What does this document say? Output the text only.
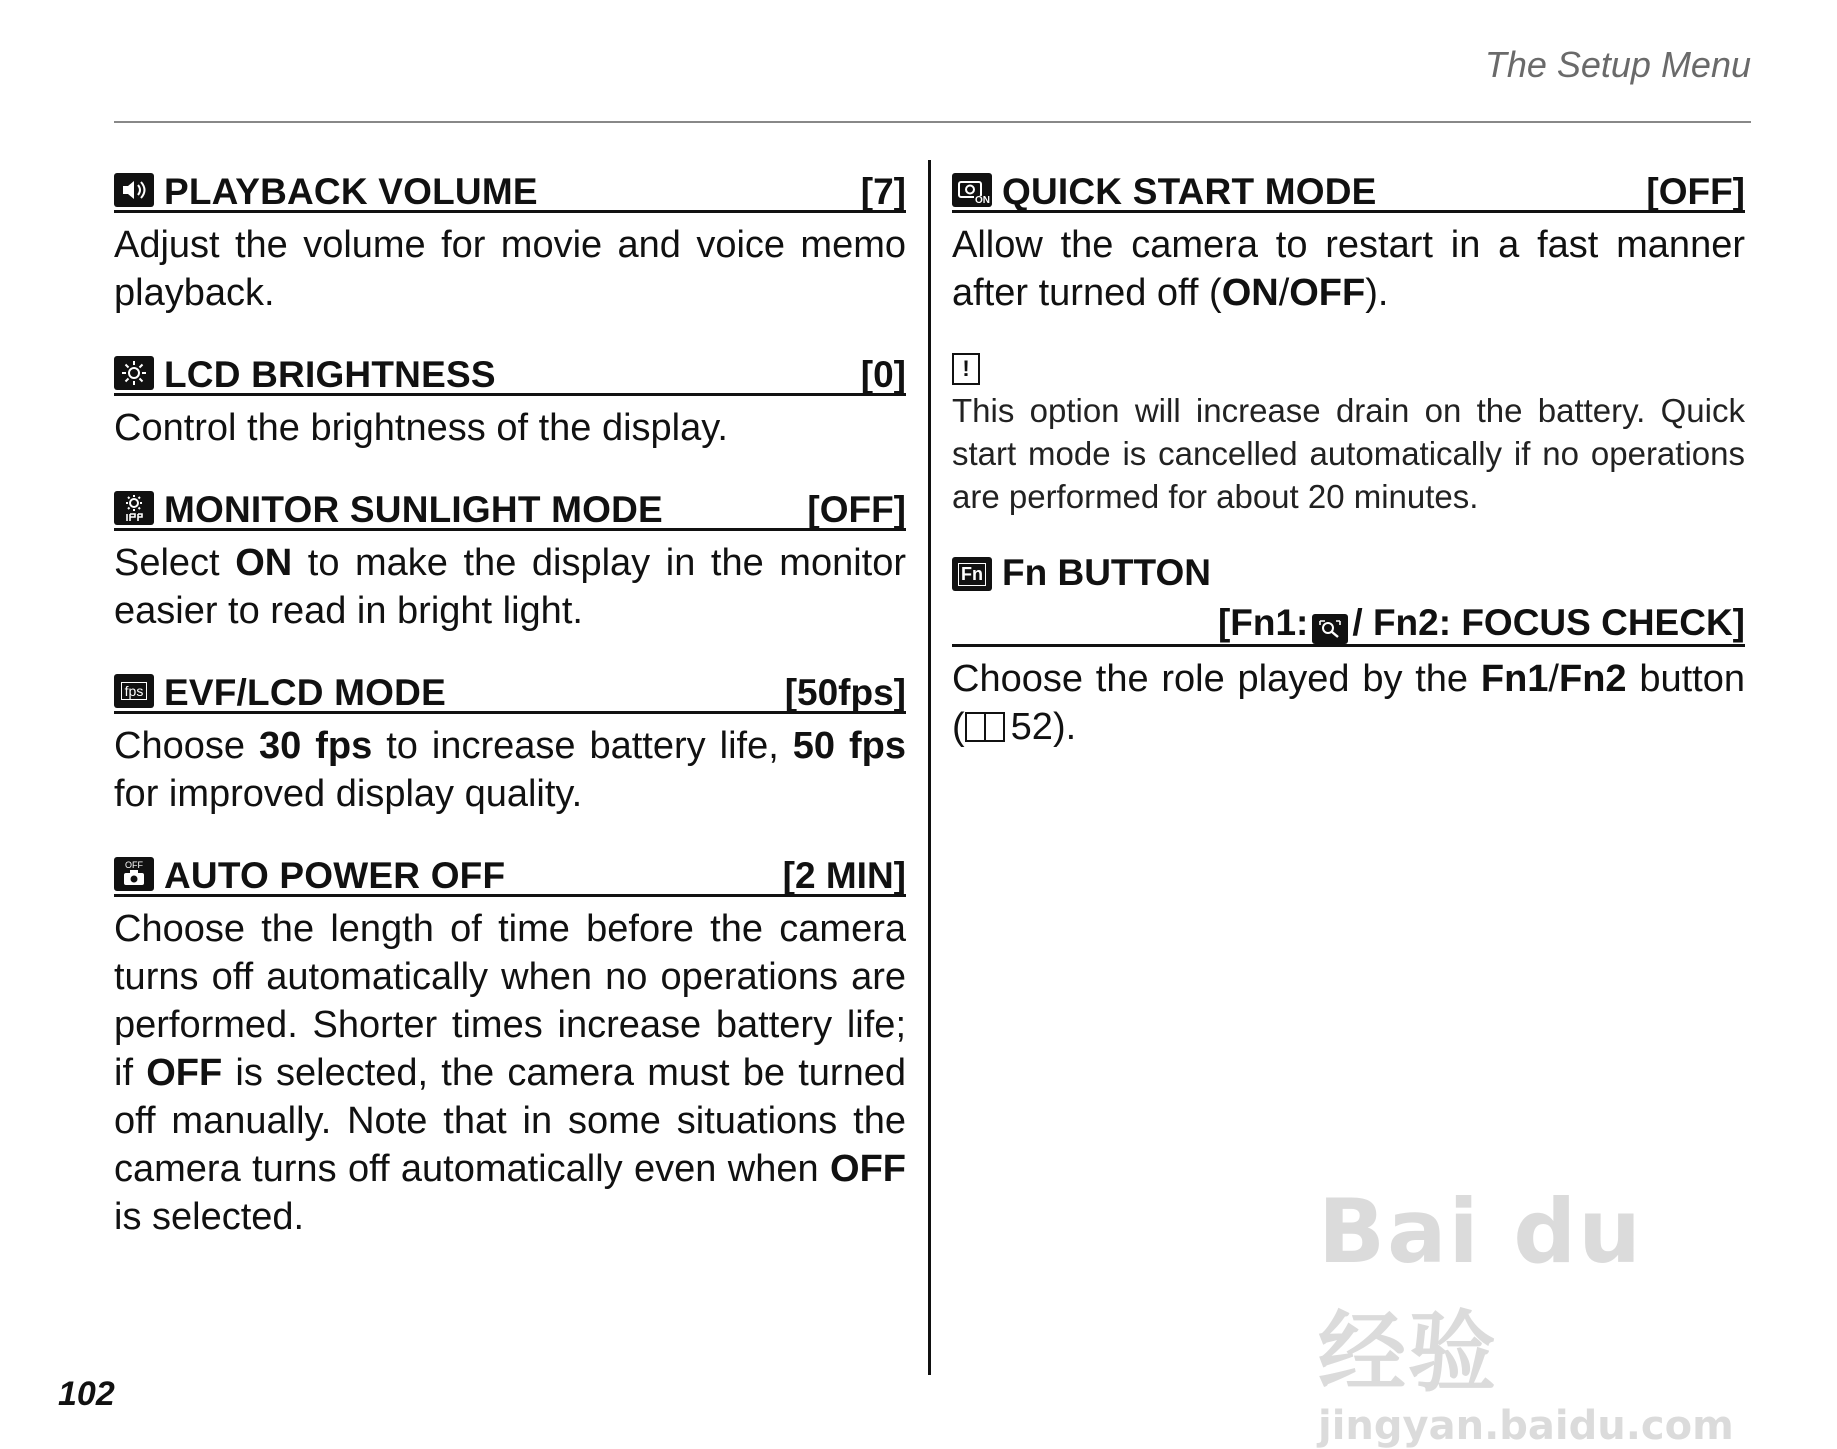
The Setup Menu
PLAYBACK VOLUME	[7]
Adjust the volume for movie and voice memo playback.
LCD BRIGHTNESS	[0]
Control the brightness of the display.
MONITOR SUNLIGHT MODE	[OFF]
Select ON to make the display in the monitor easier to read in bright light.
fps EVF/LCD MODE	[50fps]
Choose 30 fps to increase battery life, 50 fps for improved display quality.
OFF AUTO POWER OFF	[2 MIN]
Choose the length of time before the camera turns off automatically when no operations are performed. Shorter times increase battery life; if OFF is selected, the camera must be turned off manually. Note that in some situations the camera turns off automatically even when OFF is selected.
ON QUICK START MODE	[OFF]
Allow the camera to restart in a fast manner after turned off (ON/OFF).
!
This option will increase drain on the battery. Quick start mode is cancelled automatically if no operations are performed for about 20 minutes.
Fn Fn BUTTON
[Fn1: / Fn2: FOCUS CHECK]
Choose the role played by the Fn1/Fn2 button ( 52).
102
Bai du 经验
jingyan.baidu.com
